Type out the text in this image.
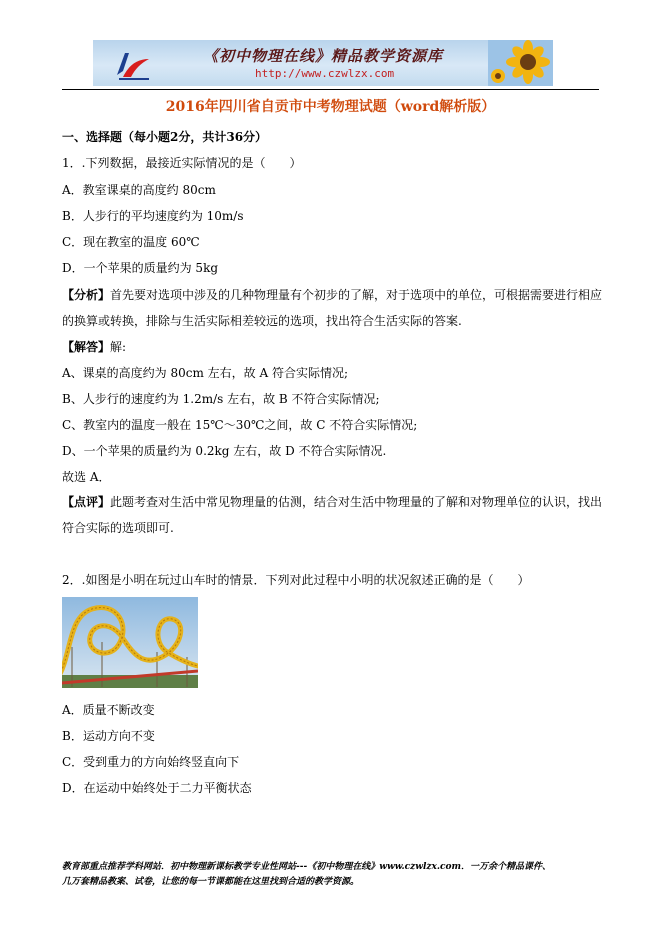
《初中物理在线》精品教学资源库
http://www.czwlzx.com
2016年四川省自贡市中考物理试题（word解析版）
一、选择题（每小题2分，共计36分）
1．.下列数据，最接近实际情况的是（　　）
A．教室课桌的高度约 80cm
B．人步行的平均速度约为 10m/s
C．现在教室的温度 60℃
D．一个苹果的质量约为 5kg
【分析】首先要对选项中涉及的几种物理量有个初步的了解，对于选项中的单位，可根据需要进行相应
的换算或转换，排除与生活实际相差较远的选项，找出符合生活实际的答案.
【解答】解:
A、课桌的高度约为 80cm 左右，故 A 符合实际情况;
B、人步行的速度约为 1.2m/s 左右，故 B 不符合实际情况;
C、教室内的温度一般在 15℃～30℃之间，故 C 不符合实际情况;
D、一个苹果的质量约为 0.2kg 左右，故 D 不符合实际情况.
故选 A．
【点评】此题考查对生活中常见物理量的估测，结合对生活中物理量的了解和对物理单位的认识，找出
符合实际的选项即可.
2．.如图是小明在玩过山车时的情景．下列对此过程中小明的状况叙述正确的是（　　）
A．质量不断改变
B．运动方向不变
C．受到重力的方向始终竖直向下
D．在运动中始终处于二力平衡状态
教育部重点推荐学科网站．初中物理新课标教学专业性网站---《初中物理在线》www.czwlzx.com．一万余个精品课件、
几万套精品教案、试卷，让您的每一节课都能在这里找到合适的教学资源。
